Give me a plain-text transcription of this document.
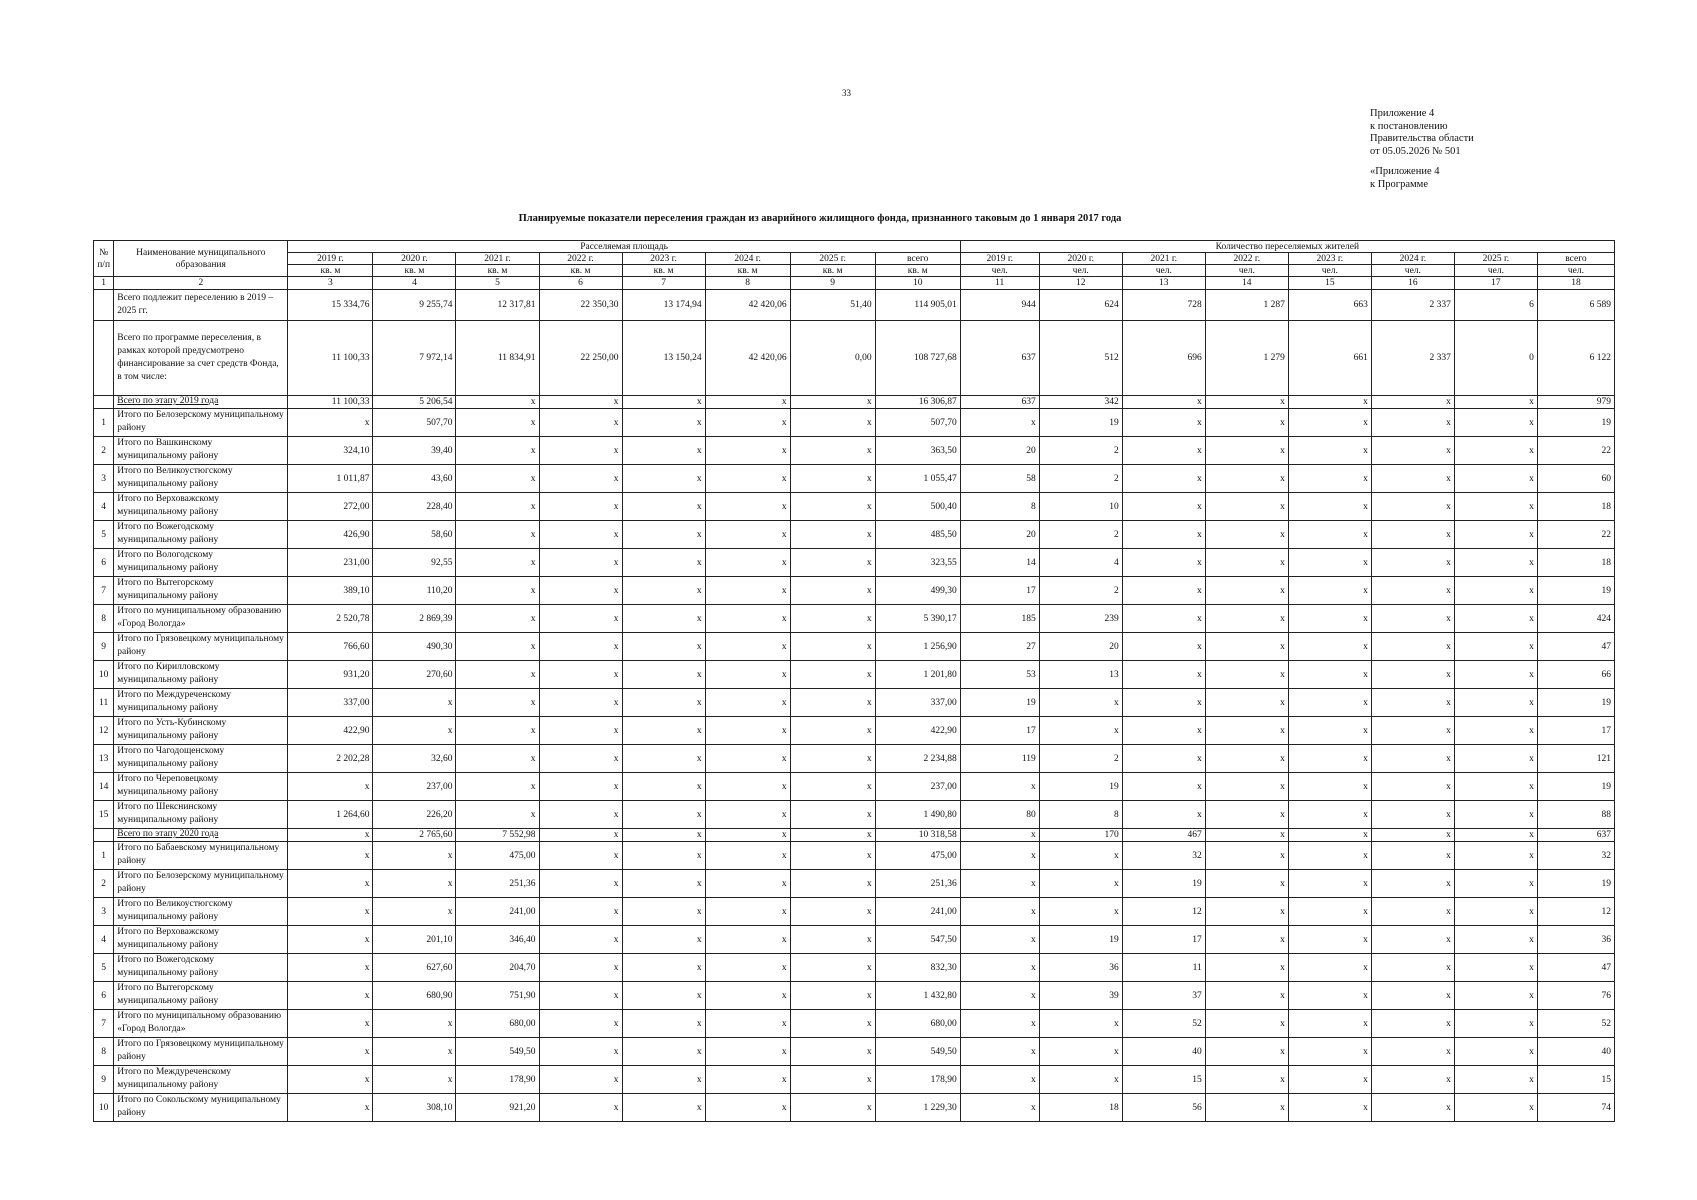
33
Приложение 4
к постановлению
Правительства области
от 05.05.2026 № 501
«Приложение 4
к Программе
Планируемые показатели переселения граждан из аварийного жилищного фонда, признанного таковым до 1 января 2017 года
№ п/п	Наименование муниципального образования	Расселяемая площадь								Количество переселяемых жителей							
		2019 г.	2020 г.	2021 г.	2022 г.	2023 г.	2024 г.	2025 г.	всего	2019 г.	2020 г.	2021 г.	2022 г.	2023 г.	2024 г.	2025 г.	всего
		кв. м	кв. м	кв. м	кв. м	кв. м	кв. м	кв. м	кв. м	чел.	чел.	чел.	чел.	чел.	чел.	чел.	чел.
1	2	3	4	5	6	7	8	9	10	11	12	13	14	15	16	17	18
	Всего подлежит переселению в 2019 – 2025 гг.	15 334,76	9 255,74	12 317,81	22 350,30	13 174,94	42 420,06	51,40	114 905,01	944	624	728	1 287	663	2 337	6	6 589
	Всего по программе переселения, в рамках которой предусмотрено финансирование за счет средств Фонда, в том числе:	11 100,33	7 972,14	11 834,91	22 250,00	13 150,24	42 420,06	0,00	108 727,68	637	512	696	1 279	661	2 337	0	6 122
	Всего по этапу 2019 года	11 100,33	5 206,54	x	x	x	x	x	16 306,87	637	342	x	x	x	x	x	979
1	Итого по Белозерскому муниципальному району	x	507,70	x	x	x	x	x	507,70	x	19	x	x	x	x	x	19
2	Итого по Вашкинскому муниципальному району	324,10	39,40	x	x	x	x	x	363,50	20	2	x	x	x	x	x	22
3	Итого по Великоустюгскому муниципальному району	1 011,87	43,60	x	x	x	x	x	1 055,47	58	2	x	x	x	x	x	60
4	Итого по Верховажскому муниципальному району	272,00	228,40	x	x	x	x	x	500,40	8	10	x	x	x	x	x	18
5	Итого по Вожегодскому муниципальному району	426,90	58,60	x	x	x	x	x	485,50	20	2	x	x	x	x	x	22
6	Итого по Вологодскому муниципальному району	231,00	92,55	x	x	x	x	x	323,55	14	4	x	x	x	x	x	18
7	Итого по Вытегорскому муниципальному району	389,10	110,20	x	x	x	x	x	499,30	17	2	x	x	x	x	x	19
8	Итого по муниципальному образованию «Город Вологда»	2 520,78	2 869,39	x	x	x	x	x	5 390,17	185	239	x	x	x	x	x	424
9	Итого по Грязовецкому муниципальному району	766,60	490,30	x	x	x	x	x	1 256,90	27	20	x	x	x	x	x	47
10	Итого по Кирилловскому муниципальному району	931,20	270,60	x	x	x	x	x	1 201,80	53	13	x	x	x	x	x	66
11	Итого по Междуреченскому муниципальному району	337,00	x	x	x	x	x	x	337,00	19	x	x	x	x	x	x	19
12	Итого по Усть-Кубинскому муниципальному району	422,90	x	x	x	x	x	x	422,90	17	x	x	x	x	x	x	17
13	Итого по Чагодощенскому муниципальному району	2 202,28	32,60	x	x	x	x	x	2 234,88	119	2	x	x	x	x	x	121
14	Итого по Череповецкому муниципальному району	x	237,00	x	x	x	x	x	237,00	x	19	x	x	x	x	x	19
15	Итого по Шекснинскому муниципальному району	1 264,60	226,20	x	x	x	x	x	1 490,80	80	8	x	x	x	x	x	88
	Всего по этапу 2020 года	x	2 765,60	7 552,98	x	x	x	x	10 318,58	x	170	467	x	x	x	x	637
1	Итого по Бабаевскому муниципальному району	x	x	475,00	x	x	x	x	475,00	x	x	32	x	x	x	x	32
2	Итого по Белозерскому муниципальному району	x	x	251,36	x	x	x	x	251,36	x	x	19	x	x	x	x	19
3	Итого по Великоустюгскому муниципальному району	x	x	241,00	x	x	x	x	241,00	x	x	12	x	x	x	x	12
4	Итого по Верховажскому муниципальному району	x	201,10	346,40	x	x	x	x	547,50	x	19	17	x	x	x	x	36
5	Итого по Вожегодскому муниципальному району	x	627,60	204,70	x	x	x	x	832,30	x	36	11	x	x	x	x	47
6	Итого по Вытегорскому муниципальному району	x	680,90	751,90	x	x	x	x	1 432,80	x	39	37	x	x	x	x	76
7	Итого по муниципальному образованию «Город Вологда»	x	x	680,00	x	x	x	x	680,00	x	x	52	x	x	x	x	52
8	Итого по Грязовецкому муниципальному району	x	x	549,50	x	x	x	x	549,50	x	x	40	x	x	x	x	40
9	Итого по Междуреченскому муниципальному району	x	x	178,90	x	x	x	x	178,90	x	x	15	x	x	x	x	15
10	Итого по Сокольскому муниципальному району	x	308,10	921,20	x	x	x	x	1 229,30	x	18	56	x	x	x	x	74
